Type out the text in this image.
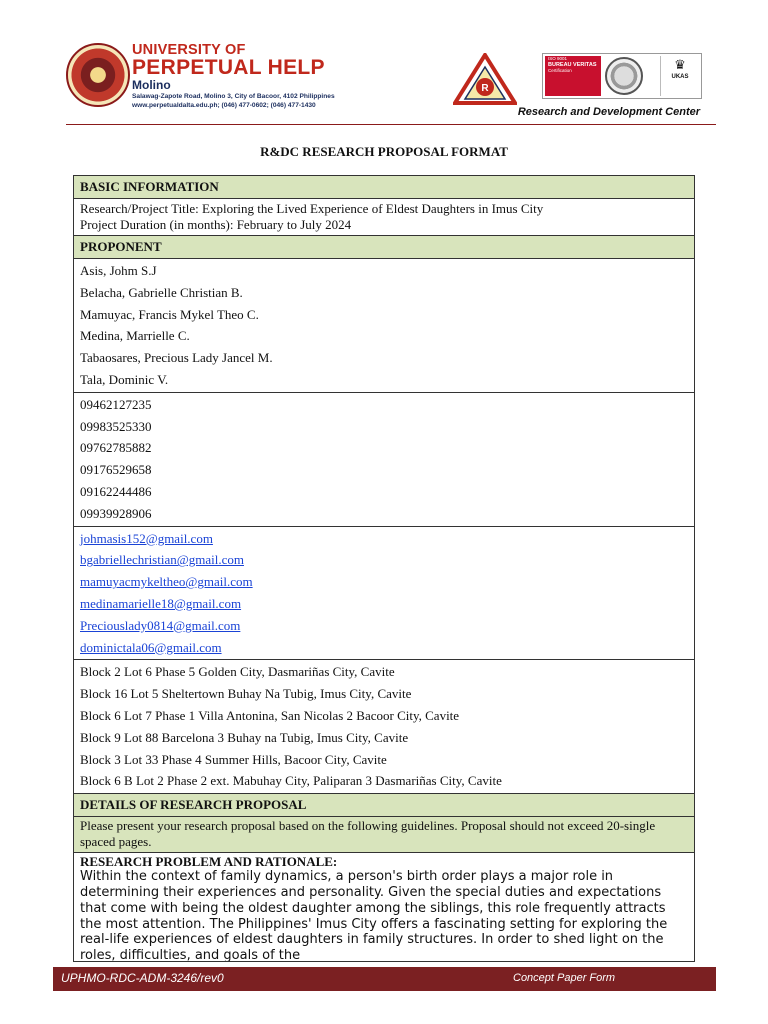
UNIVERSITY OF
PERPETUAL HELP
Molino
Salawag-Zapote Road, Molino 3, City of Bacoor, 4102 Philippines
www.perpetualdalta.edu.ph; (046) 477-0602; (046) 477-1430
R
ISO 9001
BUREAU VERITAS
Certification	♛
UKAS
Research and Development Center
R&DC RESEARCH PROPOSAL FORMAT
BASIC INFORMATION
Research/Project Title: Exploring the Lived Experience of Eldest Daughters in Imus City
Project Duration (in months): February to July 2024
PROPONENT
Asis, Johm S.J
Belacha, Gabrielle Christian B.
Mamuyac, Francis Mykel Theo C.
Medina, Marrielle C.
Tabaosares, Precious Lady Jancel M.
Tala, Dominic V.
09462127235
09983525330
09762785882
09176529658
09162244486
09939928906
johmasis152@gmail.com
bgabriellechristian@gmail.com
mamuyacmykeltheo@gmail.com
medinamarielle18@gmail.com
Preciouslady0814@gmail.com
dominictala06@gmail.com
Block 2 Lot 6 Phase 5 Golden City, Dasmariñas City, Cavite
Block 16 Lot 5 Sheltertown Buhay Na Tubig, Imus City, Cavite
Block 6 Lot 7 Phase 1 Villa Antonina, San Nicolas 2 Bacoor City, Cavite
Block 9 Lot 88 Barcelona 3 Buhay na Tubig, Imus City, Cavite
Block 3 Lot 33 Phase 4 Summer Hills, Bacoor City, Cavite
Block 6 B Lot 2 Phase 2 ext. Mabuhay City, Paliparan 3 Dasmariñas City, Cavite
DETAILS OF RESEARCH PROPOSAL
Please present your research proposal based on the following guidelines. Proposal should not exceed 20-single spaced pages.
RESEARCH PROBLEM AND RATIONALE:
Within the context of family dynamics, a person's birth order plays a major role in determining their experiences and personality. Given the special duties and expectations that come with being the oldest daughter among the siblings, this role frequently attracts the most attention. The Philippines' Imus City offers a fascinating setting for exploring the real-life experiences of eldest daughters in family structures. In order to shed light on the roles, difficulties, and goals of the
UPHMO-RDC-ADM-3246/rev0	Concept Paper Form
